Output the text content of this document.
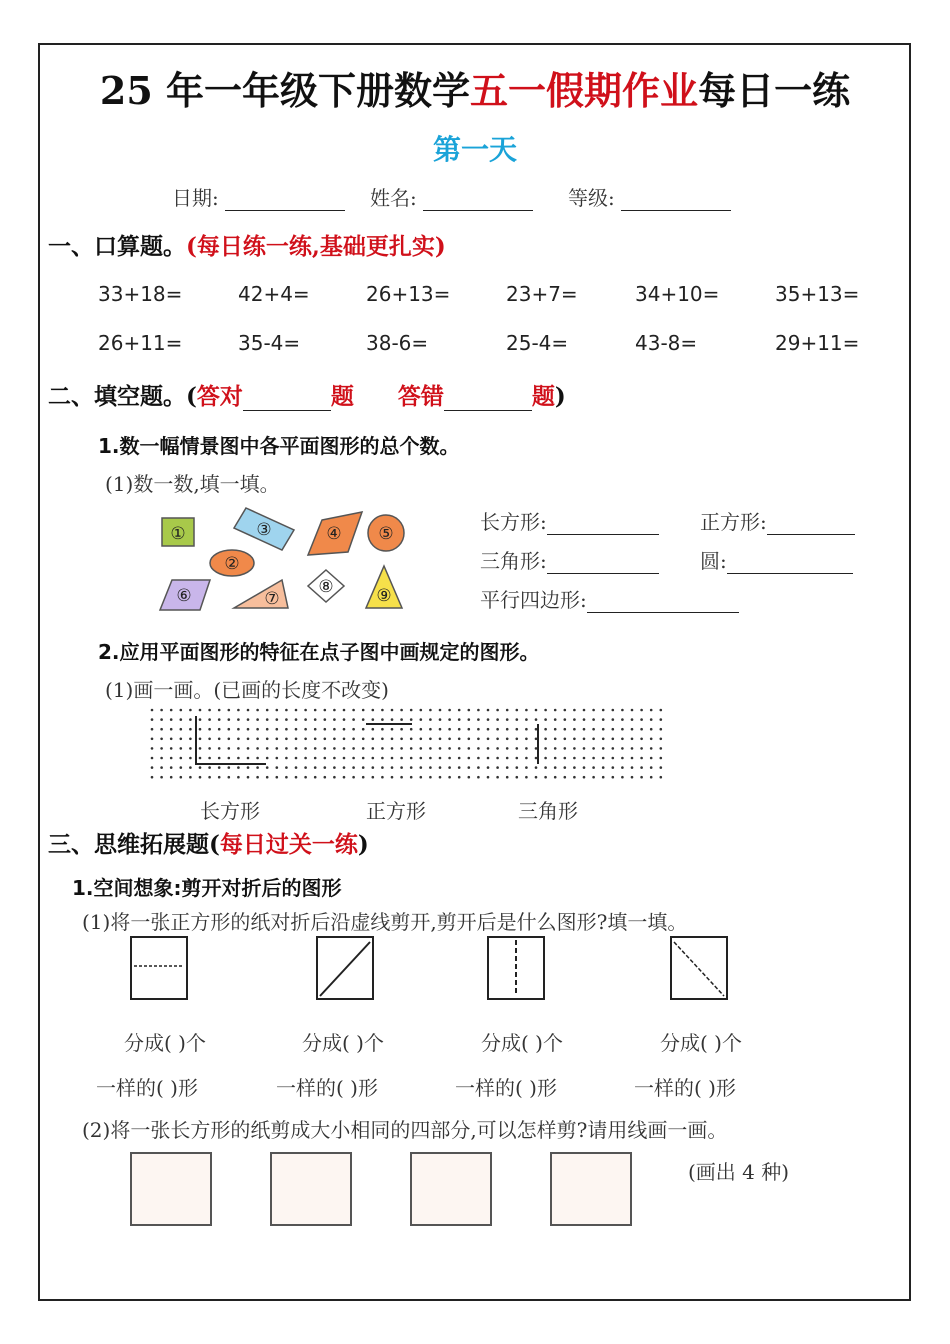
25 年一年级下册数学五一假期作业每日一练
第一天
日期:	姓名:	等级:
一、口算题。(每日练一练,基础更扎实)
33+18=	42+4=	26+13=	23+7=	34+10=	35+13=
26+11=	35-4=	38-6=	25-4=	43-8=	29+11=
二、填空题。(答对	题 答错	题)
1.数一幅情景图中各平面图形的总个数。
(1)数一数,填一填。
①
②
③	④ ⑤
⑥	⑦
⑧	⑨
长方形:	正方形:
三角形:	圆:
平行四边形:
2.应用平面图形的特征在点子图中画规定的图形。
(1)画一画。(已画的长度不改变)
长方形	正方形	三角形
三、思维拓展题(每日过关一练)
1.空间想象:剪开对折后的图形
(1)将一张正方形的纸对折后沿虚线剪开,剪开后是什么图形?填一填。
分成( )个	分成( )个	分成( )个	分成( )个
一样的( )形	一样的( )形	一样的( )形	一样的( )形
(2)将一张长方形的纸剪成大小相同的四部分,可以怎样剪?请用线画一画。
(画出 4 种)
